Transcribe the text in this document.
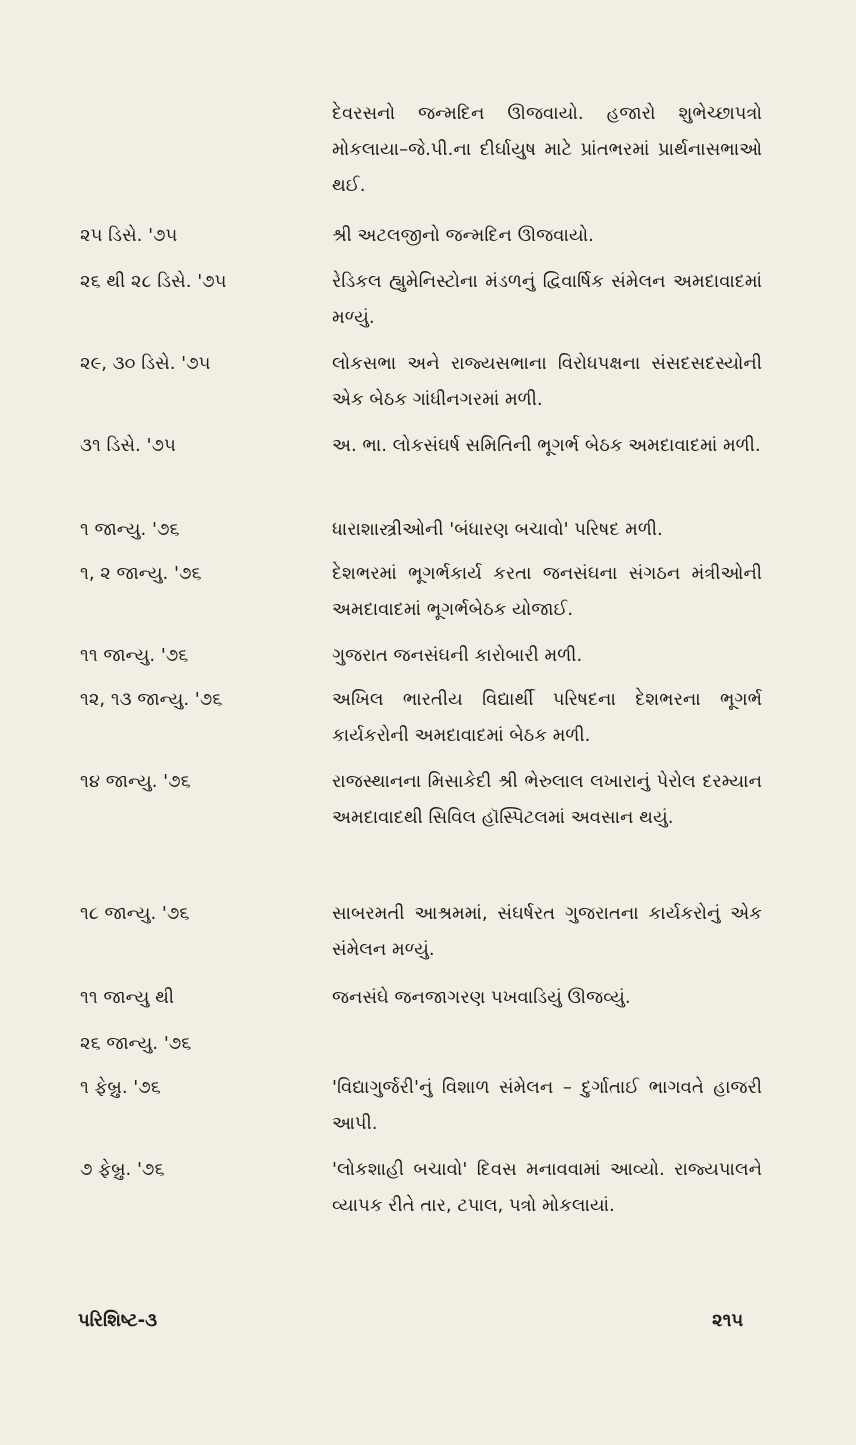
દેવરસનો જન્મદિન ઊજવાયો. હજારો શુભેચ્છાપત્રો મોકલાયા–જે.પી.ના દીર્ઘાયુષ માટે પ્રાંતભરમાં પ્રાર્થનાસભાઓ થઈ.
૨૫ ડિસે. '૭૫	શ્રી અટલજીનો જન્મદિન ઊજવાયો.
૨૬ થી ૨૮ ડિસે. '૭૫	રેડિકલ હ્યુમેનિસ્ટોના મંડળનું દ્વિવાર્ષિક સંમેલન અમદાવાદમાં મળ્યું.
૨૯, ૩૦ ડિસે. '૭૫	લોકસભા અને રાજ્યસભાના વિરોધપક્ષના સંસદસદસ્યોની એક બેઠક ગાંધીનગરમાં મળી.
૩૧ ડિસે. '૭૫	અ. ભા. લોકસંઘર્ષ સમિતિની ભૂગર્ભ બેઠક અમદાવાદમાં મળી.
૧ જાન્યુ. '૭૬	ધારાશાસ્ત્રીઓની 'બંધારણ બચાવો' પરિષદ મળી.
૧, ૨ જાન્યુ. '૭૬	દેશભરમાં ભૂગર્ભકાર્ય કરતા જનસંઘના સંગઠન મંત્રીઓની અમદાવાદમાં ભૂગર્ભબેઠક યોજાઈ.
૧૧ જાન્યુ. '૭૬	ગુજરાત જનસંઘની કારોબારી મળી.
૧૨, ૧૩ જાન્યુ. '૭૬	અખિલ ભારતીય વિદ્યાર્થી પરિષદના દેશભરના ભૂગર્ભ કાર્યકરોની અમદાવાદમાં બેઠક મળી.
૧૪ જાન્યુ. '૭૬	રાજસ્થાનના મિસાકેદી શ્રી ભેરુલાલ લખારાનું પેરોલ દરમ્યાન અમદાવાદથી સિવિલ હૉસ્પિટલમાં અવસાન થયું.
૧૮ જાન્યુ. '૭૬	સાબરમતી આશ્રમમાં, સંઘર્ષરત ગુજરાતના કાર્યકરોનું એક સંમેલન મળ્યું.
૧૧ જાન્યુ થી	જનસંઘે જનજાગરણ પખવાડિયું ઊજવ્યું.
૨૬ જાન્યુ. '૭૬
૧ ફેબ્રુ. '૭૬	'વિદ્યાગુર્જરી'નું વિશાળ સંમેલન – દુર્ગાતાઈ ભાગવતે હાજરી આપી.
૭ ફેબ્રુ. '૭૬	'લોકશાહી બચાવો' દિવસ મનાવવામાં આવ્યો. રાજ્યપાલને વ્યાપક રીતે તાર, ટપાલ, પત્રો મોકલાયાં.
પરિશિષ્ટ-૩	૨૧૫
